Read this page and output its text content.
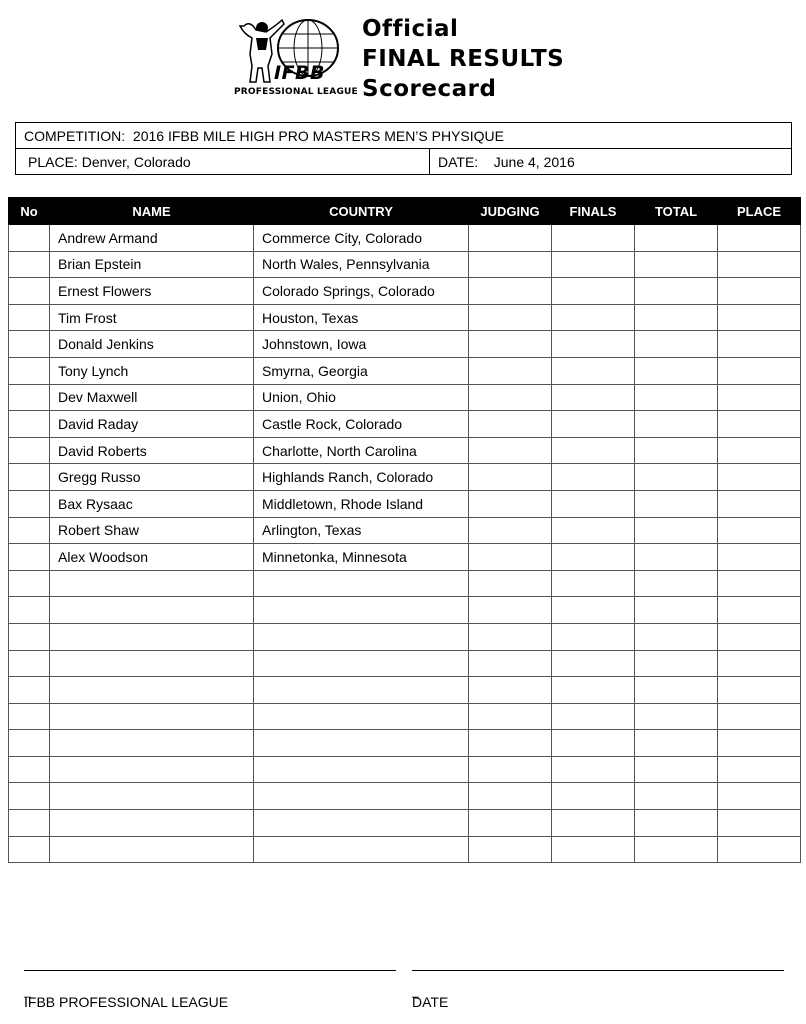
IFBB
PROFESSIONAL LEAGUE
Official
FINAL RESULTS
Scorecard
COMPETITION: 2016 IFBB MILE HIGH PRO MASTERS MEN’S PHYSIQUE
PLACE: Denver, Colorado	DATE: June 4, 2016
No	NAME	COUNTRY	JUDGING	FINALS	TOTAL	PLACE
	Andrew Armand	Commerce City, Colorado				
	Brian Epstein	North Wales, Pennsylvania				
	Ernest Flowers	Colorado Springs, Colorado				
	Tim Frost	Houston, Texas				
	Donald Jenkins	Johnstown, Iowa				
	Tony Lynch	Smyrna, Georgia				
	Dev Maxwell	Union, Ohio				
	David Raday	Castle Rock, Colorado				
	David Roberts	Charlotte, North Carolina				
	Gregg Russo	Highlands Ranch, Colorado				
	Bax Rysaac	Middletown, Rhode Island				
	Robert Shaw	Arlington, Texas				
	Alex Woodson	Minnetonka, Minnesota				

_
IFBB PROFESSIONAL LEAGUE
_
DATE
